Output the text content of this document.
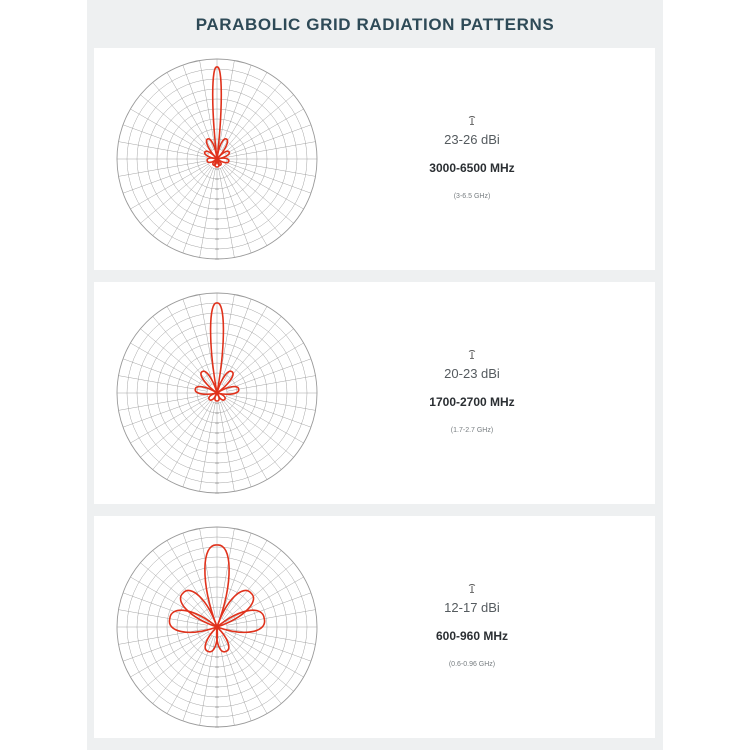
PARABOLIC GRID RADIATION PATTERNS
23-26 dBi
3000-6500 MHz
(3-6.5 GHz)
20-23 dBi
1700-2700 MHz
(1.7-2.7 GHz)
12-17 dBi
600-960 MHz
(0.6-0.96 GHz)
